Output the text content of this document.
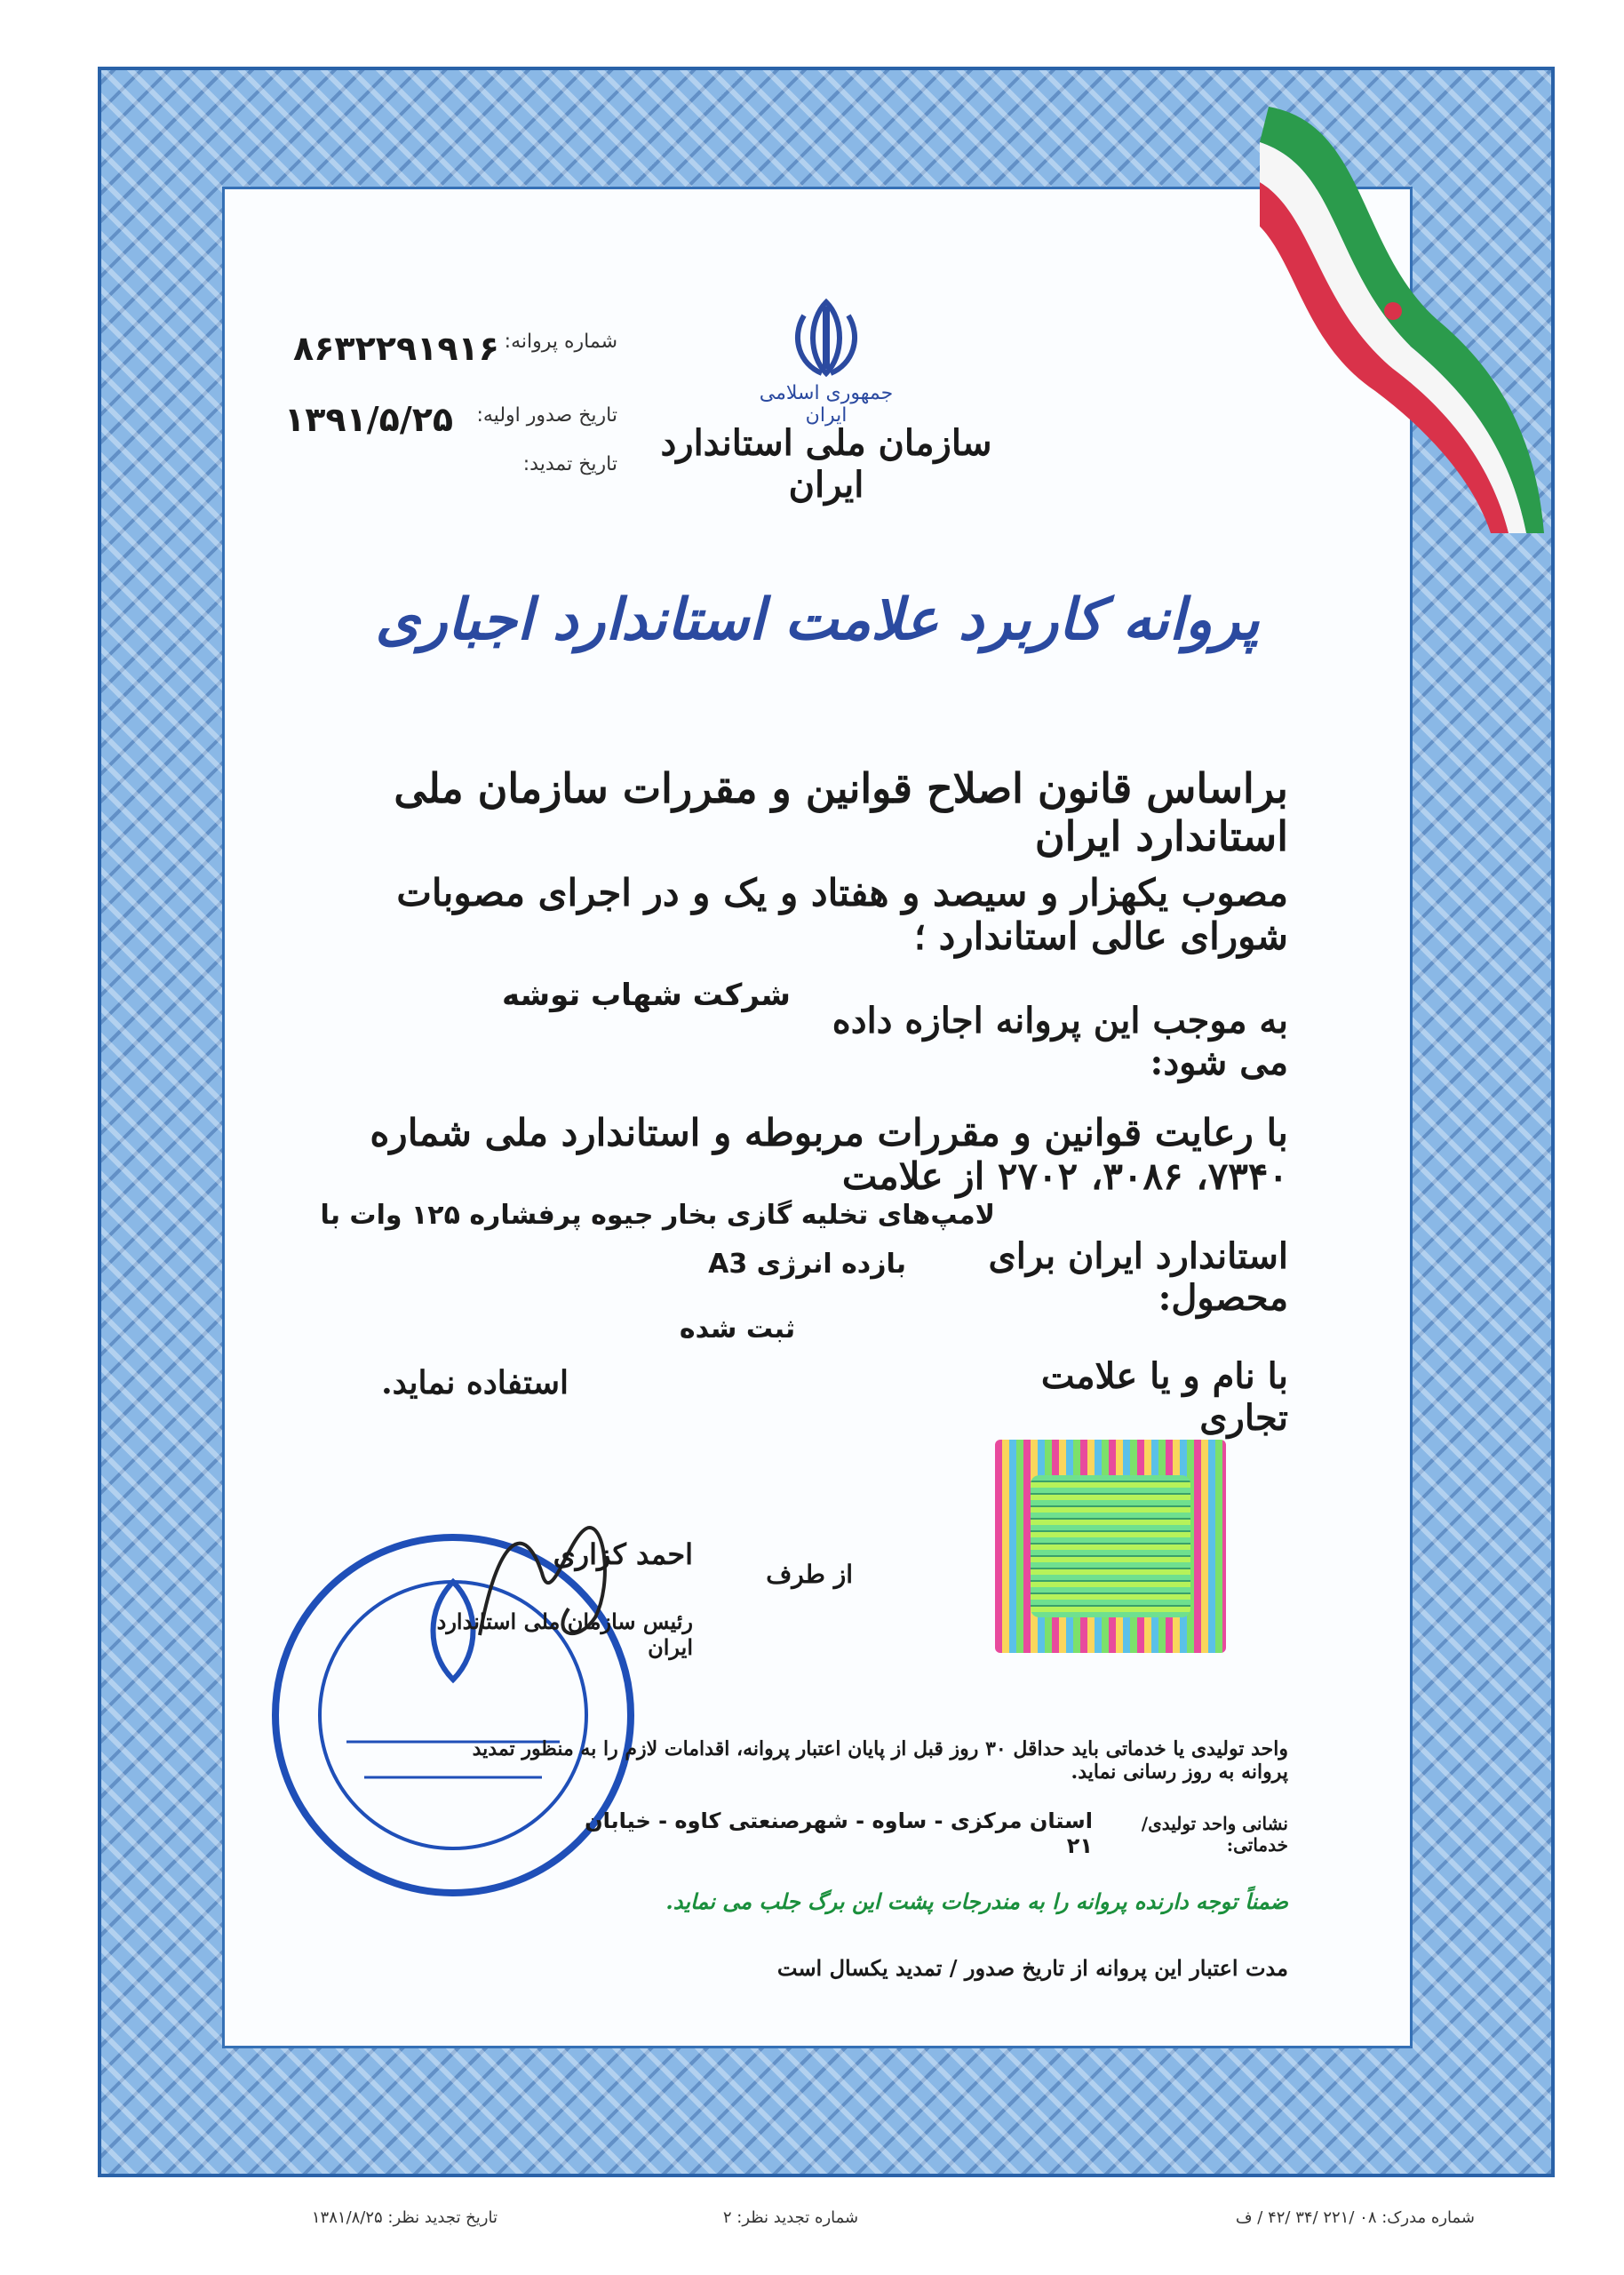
جمهوری اسلامی ایران
سازمان ملی استاندارد ایران
شماره پروانه:
۸۶۳۲۲۹۱۹۱۶
تاریخ صدور اولیه:
۱۳۹۱/۵/۲۵
تاریخ تمدید:
پروانه کاربرد علامت استاندارد اجباری
براساس قانون اصلاح قوانین و مقررات سازمان ملی استاندارد ایران
مصوب یکهزار و سیصد و هفتاد و یک و در اجرای مصوبات شورای عالی استاندارد ؛
به موجب این پروانه اجازه داده می شود:
شرکت شهاب توشه
با رعایت قوانین و مقررات مربوطه و استاندارد ملی شماره ۷۳۴۰، ۳۰۸۶، ۲۷۰۲ از علامت
لامپ‌های تخلیه گازی بخار جیوه پرفشاره ۱۲۵ وات با
استاندارد ایران برای محصول:
بازده انرژی A3
ثبت شده
با نام و یا علامت تجاری
استفاده نماید.
از طرف
احمد کزاری
رئیس سازمان ملی استاندارد ایران
واحد تولیدی یا خدماتی باید حداقل ۳۰ روز قبل از پایان اعتبار پروانه، اقدامات لازم را به منظور تمدید پروانه به روز رسانی نماید.
نشانی واحد تولیدی/خدماتی:
استان مرکزی - ساوه - شهرصنعتی کاوه - خیابان ۲۱
ضمناً توجه دارنده پروانه را به مندرجات پشت این برگ جلب می نماید.
مدت اعتبار این پروانه از تاریخ صدور / تمدید یکسال است
شماره مدرک: ۰۸ /۲۲۱ /۳۴ /۴۲ / ف
شماره تجدید نظر: ۲
تاریخ تجدید نظر: ۱۳۸۱/۸/۲۵
